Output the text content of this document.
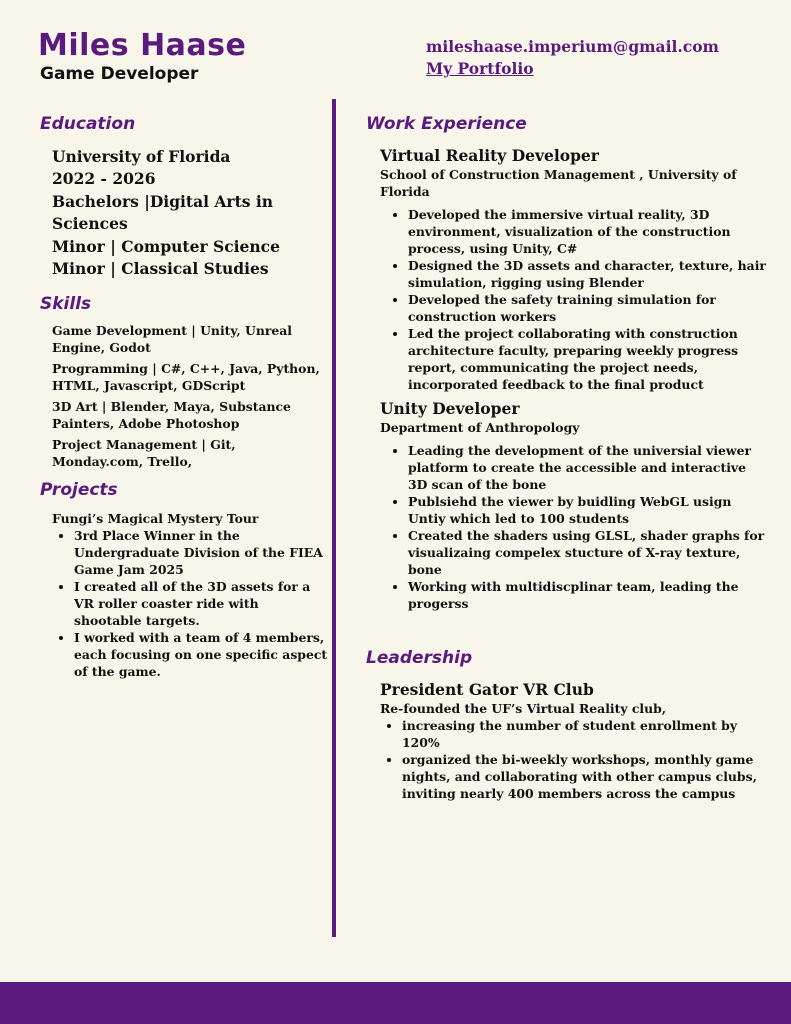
Miles Haase
Game Developer
mileshaase.imperium@gmail.com
My Portfolio
Education
University of Florida
2022 - 2026
Bachelors |Digital Arts in Sciences
Minor | Computer Science
Minor | Classical Studies
Skills
Game Development | Unity, Unreal Engine, Godot
Programming | C#, C++, Java, Python, HTML, Javascript, GDScript
3D Art | Blender, Maya, Substance Painters, Adobe Photoshop
Project Management | Git, Monday.com, Trello,
Projects
Fungi’s Magical Mystery Tour
• 3rd Place Winner in the Undergraduate Division of the FIEA Game Jam 2025
• I created all of the 3D assets for a VR roller coaster ride with shootable targets.
• I worked with a team of 4 members, each focusing on one specific aspect of the game.
Work Experience
Virtual Reality Developer
School of Construction Management , University of Florida
• Developed the immersive virtual reality, 3D environment, visualization of the construction process, using Unity, C#
• Designed the 3D assets and character, texture, hair simulation, rigging using Blender
• Developed the safety training simulation for construction workers
• Led the project collaborating with construction architecture faculty, preparing weekly progress report, communicating the project needs, incorporated feedback to the final product
Unity Developer
Department of Anthropology
• Leading the development of the universial viewer platform to create the accessible and interactive 3D scan of the bone
• Publsiehd the viewer by buidling WebGL usign Untiy which led to 100 students
• Created the shaders using GLSL, shader graphs for visualizaing compelex stucture of X-ray texture, bone
• Working with multidiscplinar team, leading the progerss
Leadership
President Gator VR Club
Re-founded the UF’s Virtual Reality club,
• increasing the number of student enrollment by 120%
• organized the bi-weekly workshops, monthly game nights, and collaborating with other campus clubs, inviting nearly 400 members across the campus
